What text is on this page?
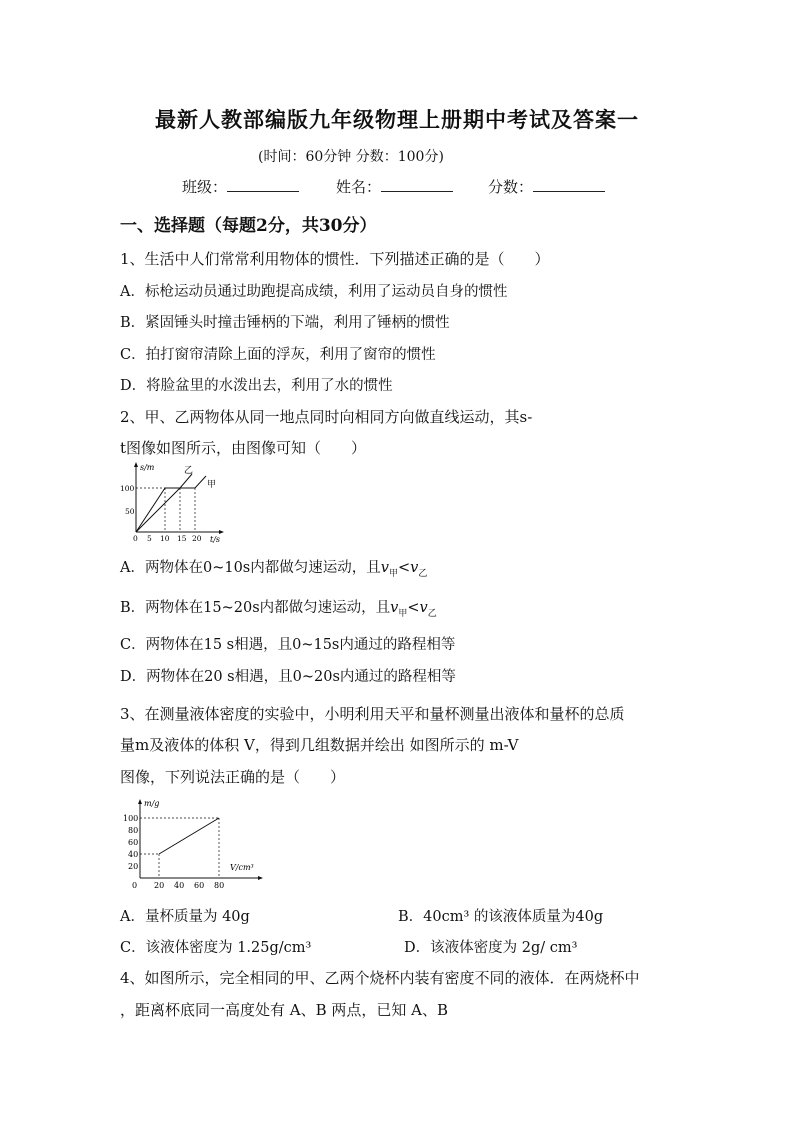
最新人教部编版九年级物理上册期中考试及答案一
(时间：60分钟 分数：100分)
班级：	姓名：	分数：
一、选择题（每题2分，共30分）
1、生活中人们常常利用物体的惯性．下列描述正确的是（　　）
A．标枪运动员通过助跑提高成绩，利用了运动员自身的惯性
B．紧固锤头时撞击锤柄的下端，利用了锤柄的惯性
C．拍打窗帘清除上面的浮灰，利用了窗帘的惯性
D．将脸盆里的水泼出去，利用了水的惯性
2、甲、乙两物体从同一地点同时向相同方向做直线运动，其s-
t图像如图所示，由图像可知（　　）
s/m
t/s
100
50
0 5 10 15 20
乙
甲
A．两物体在0~10s内都做匀速运动，且$v_甲<v_乙$
B．两物体在15~20s内都做匀速运动，且$v_甲<v_乙$
C．两物体在15 s相遇，且0~15s内通过的路程相等
D．两物体在20 s相遇，且0~20s内通过的路程相等
3、在测量液体密度的实验中，小明利用天平和量杯测量出液体和量杯的总质
量m及液体的体积 V，得到几组数据并绘出 如图所示的 m-V
图像，下列说法正确的是（　　）
m/g
V/cm³
100
80
60
40
20
0 20 40 60 80
A．量杯质量为 40g	B．40cm³ 的该液体质量为40g
C．该液体密度为 1.25g/cm³	D．该液体密度为 2g/ cm³
4、如图所示，完全相同的甲、乙两个烧杯内装有密度不同的液体．在两烧杯中
，距离杯底同一高度处有 A、B 两点，已知 A、B
